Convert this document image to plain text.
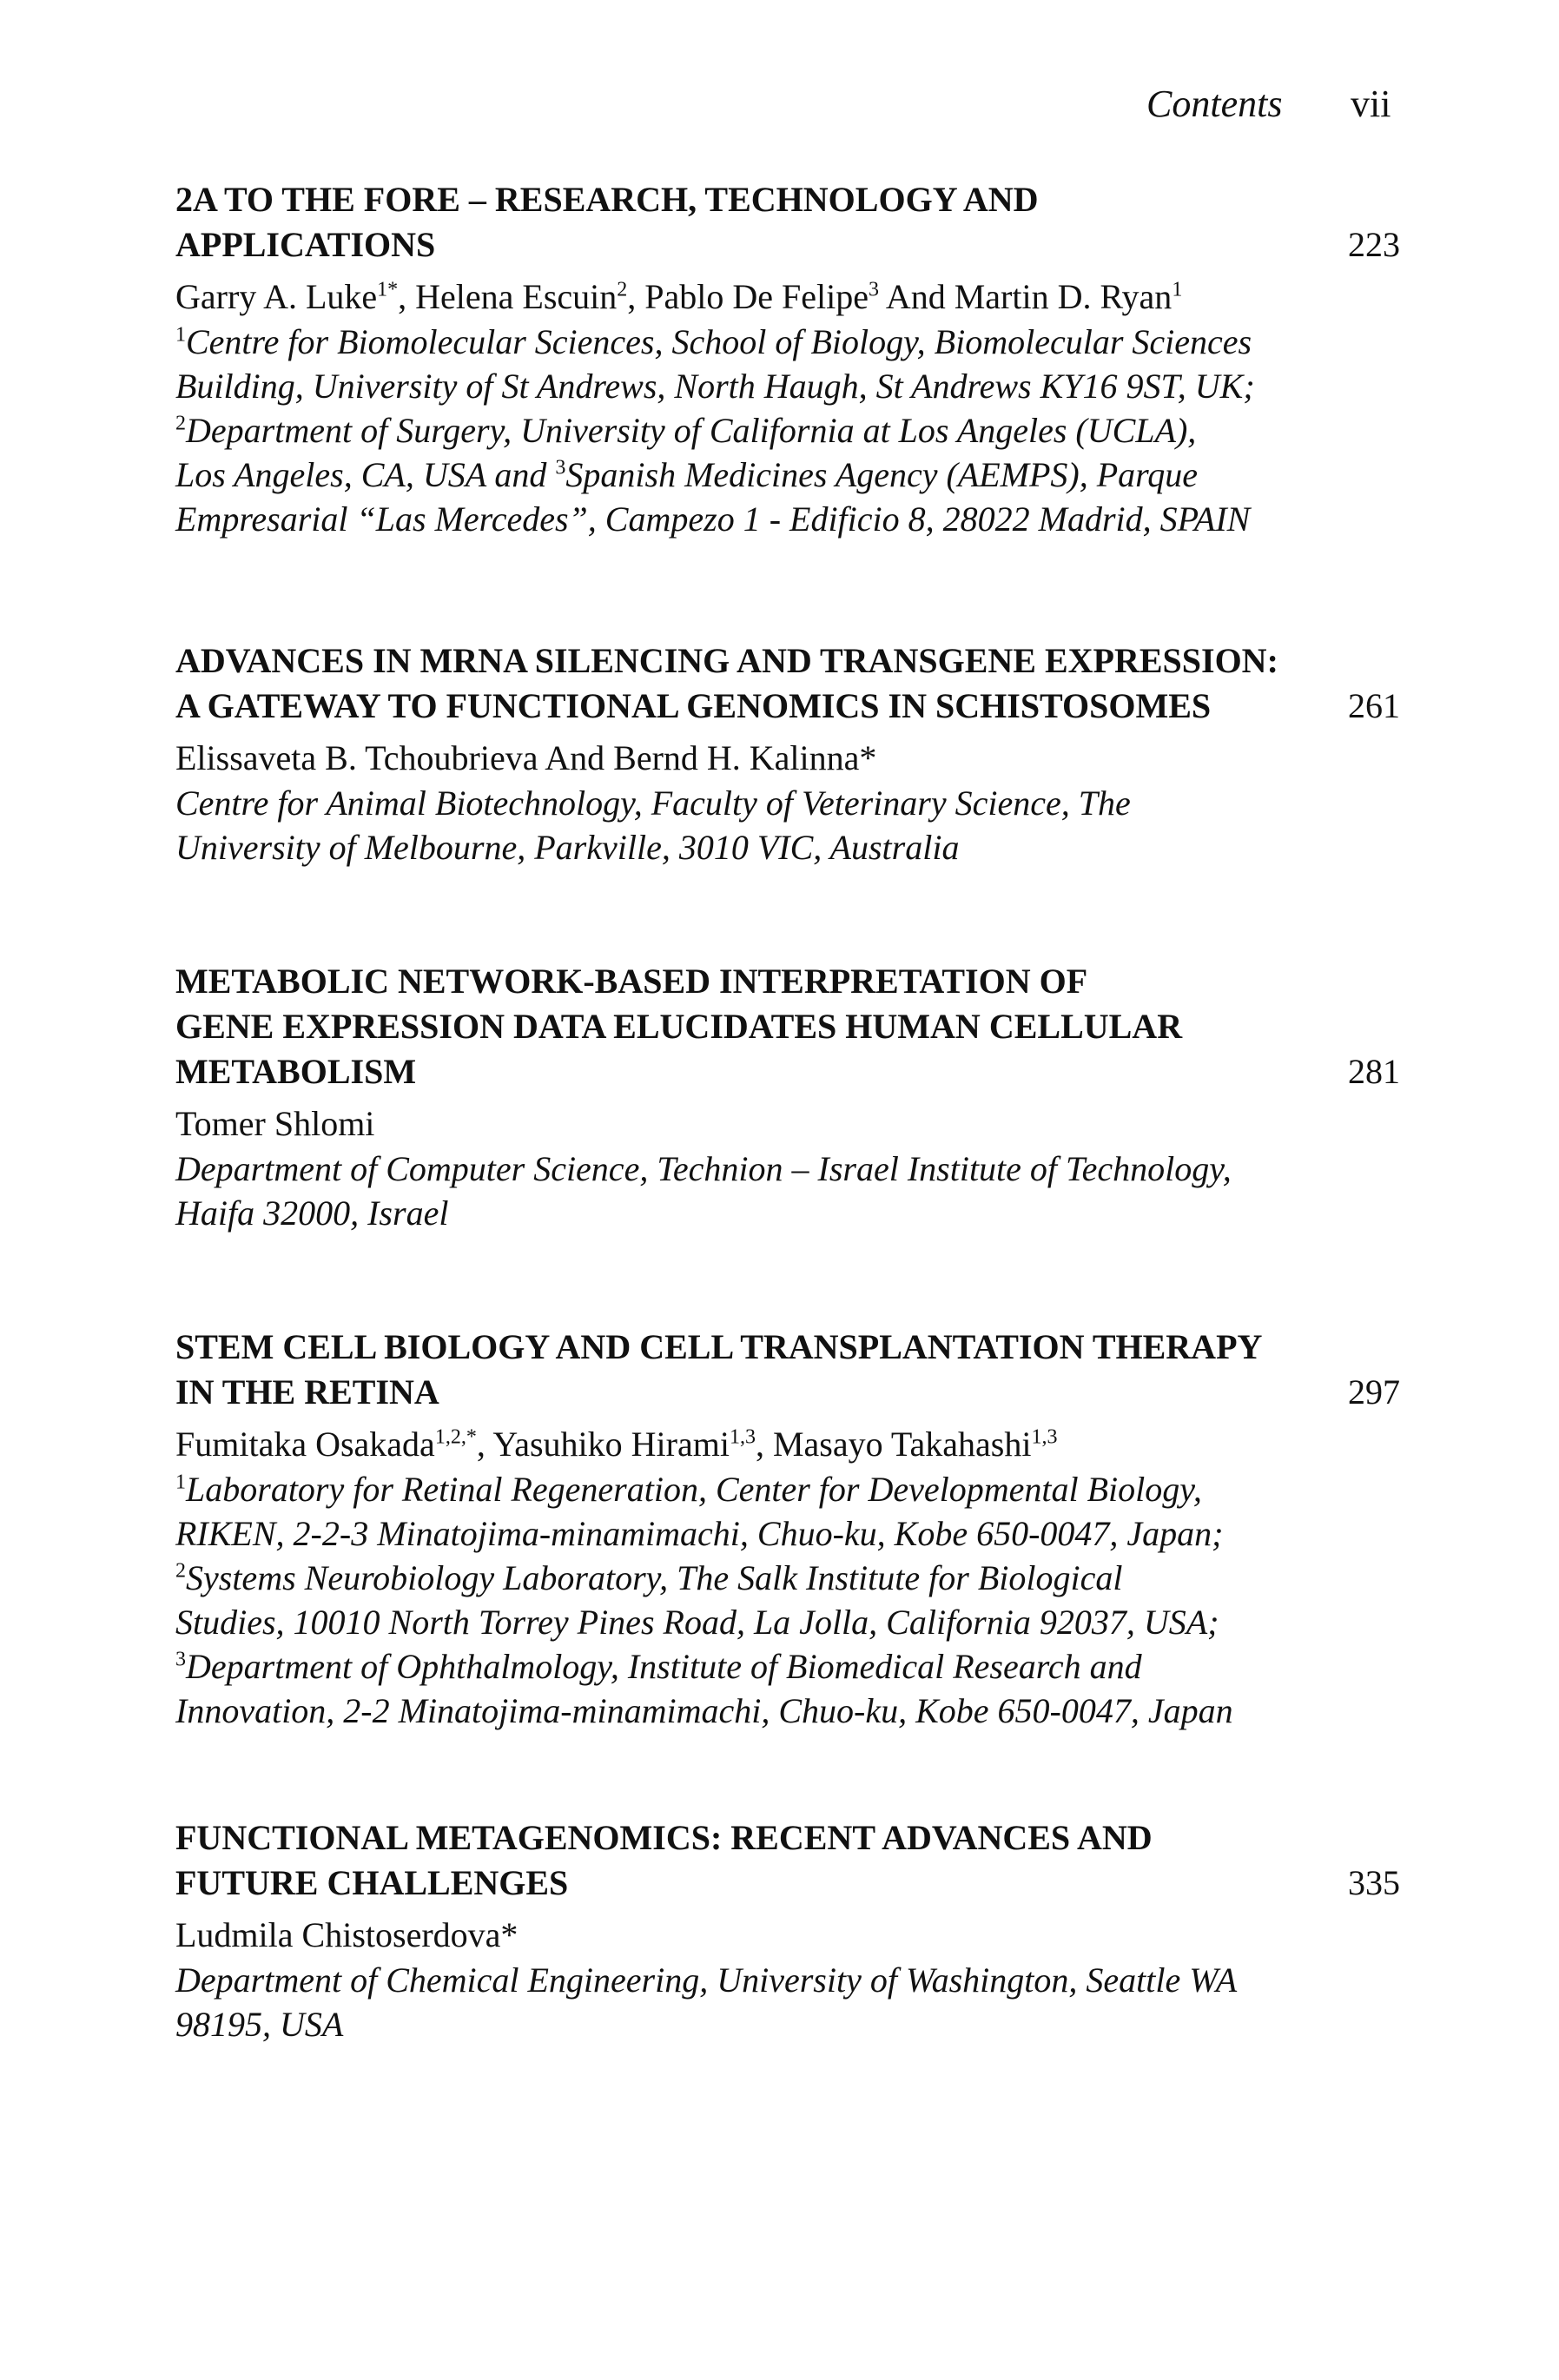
Contents vii
2A TO THE FORE – RESEARCH, TECHNOLOGY AND
APPLICATIONS	223
Garry A. Luke$^{1*}$, Helena Escuin$^2$, Pablo De Felipe$^3$ And Martin D. Ryan$^1$
$^1$Centre for Biomolecular Sciences, School of Biology, Biomolecular Sciences
Building, University of St Andrews, North Haugh, St Andrews KY16 9ST, UK;
$^2$Department of Surgery, University of California at Los Angeles (UCLA),
Los Angeles, CA, USA and $^3$Spanish Medicines Agency (AEMPS), Parque
Empresarial “Las Mercedes”, Campezo 1 - Edificio 8, 28022 Madrid, SPAIN
ADVANCES IN MRNA SILENCING AND TRANSGENE EXPRESSION:
A GATEWAY TO FUNCTIONAL GENOMICS IN SCHISTOSOMES	261
Elissaveta B. Tchoubrieva And Bernd H. Kalinna*
Centre for Animal Biotechnology, Faculty of Veterinary Science, The
University of Melbourne, Parkville, 3010 VIC, Australia
METABOLIC NETWORK-BASED INTERPRETATION OF
GENE EXPRESSION DATA ELUCIDATES HUMAN CELLULAR
METABOLISM	281
Tomer Shlomi
Department of Computer Science, Technion – Israel Institute of Technology,
Haifa 32000, Israel
STEM CELL BIOLOGY AND CELL TRANSPLANTATION THERAPY
IN THE RETINA	297
Fumitaka Osakada$^{1,2,*}$, Yasuhiko Hirami$^{1,3}$, Masayo Takahashi$^{1,3}$
$^1$Laboratory for Retinal Regeneration, Center for Developmental Biology,
RIKEN, 2-2-3 Minatojima-minamimachi, Chuo-ku, Kobe 650-0047, Japan;
$^2$Systems Neurobiology Laboratory, The Salk Institute for Biological
Studies, 10010 North Torrey Pines Road, La Jolla, California 92037, USA;
$^3$Department of Ophthalmology, Institute of Biomedical Research and
Innovation, 2-2 Minatojima-minamimachi, Chuo-ku, Kobe 650-0047, Japan
FUNCTIONAL METAGENOMICS: RECENT ADVANCES AND
FUTURE CHALLENGES	335
Ludmila Chistoserdova*
Department of Chemical Engineering, University of Washington, Seattle WA
98195, USA
